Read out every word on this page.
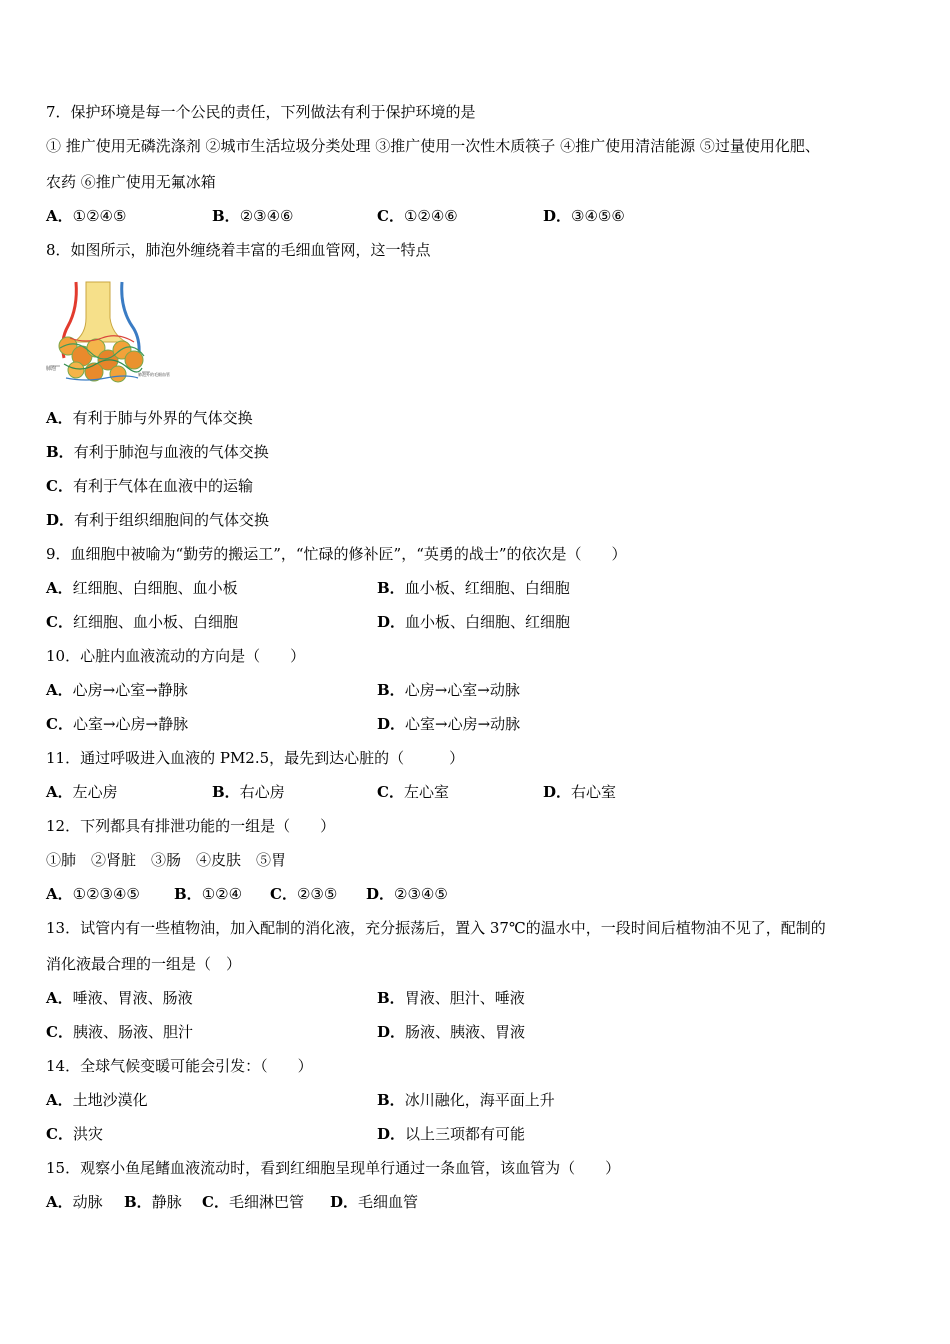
7．保护环境是每一个公民的责任，下列做法有利于保护环境的是
① 推广使用无磷洗涤剂 ②城市生活垃圾分类处理 ③推广使用一次性木质筷子 ④推广使用清洁能源 ⑤过量使用化肥、
农药 ⑥推广使用无氟冰箱
A．①②④⑤	B．②③④⑥	C．①②④⑥	D．③④⑤⑥
8．如图所示，肺泡外缠绕着丰富的毛细血管网，这一特点
肺泡
肺泡外的毛细血管
A．有利于肺与外界的气体交换
B．有利于肺泡与血液的气体交换
C．有利于气体在血液中的运输
D．有利于组织细胞间的气体交换
9．血细胞中被喻为“勤劳的搬运工”，“忙碌的修补匠”，“英勇的战士”的依次是（　　）
A．红细胞、白细胞、血小板	B．血小板、红细胞、白细胞
C．红细胞、血小板、白细胞	D．血小板、白细胞、红细胞
10．心脏内血液流动的方向是（　　）
A．心房→心室→静脉	B．心房→心室→动脉
C．心室→心房→静脉	D．心室→心房→动脉
11．通过呼吸进入血液的 PM2.5，最先到达心脏的（　　　）
A．左心房	B．右心房	C．左心室	D．右心室
12．下列都具有排泄功能的一组是（　　）
①肺　②肾脏　③肠　④皮肤　⑤胃
A．①②③④⑤ B．①②④ C．②③⑤ D．②③④⑤
13．试管内有一些植物油，加入配制的消化液，充分振荡后，置入 37℃的温水中，一段时间后植物油不见了，配制的
消化液最合理的一组是（　）
A．唾液、胃液、肠液	B．胃液、胆汁、唾液
C．胰液、肠液、胆汁	D．肠液、胰液、胃液
14．全球气候变暖可能会引发：（　　）
A．土地沙漠化	B．冰川融化，海平面上升
C．洪灾	D．以上三项都有可能
15．观察小鱼尾鳍血液流动时，看到红细胞呈现单行通过一条血管，该血管为（　　）
A．动脉 B．静脉 C．毛细淋巴管 D．毛细血管
